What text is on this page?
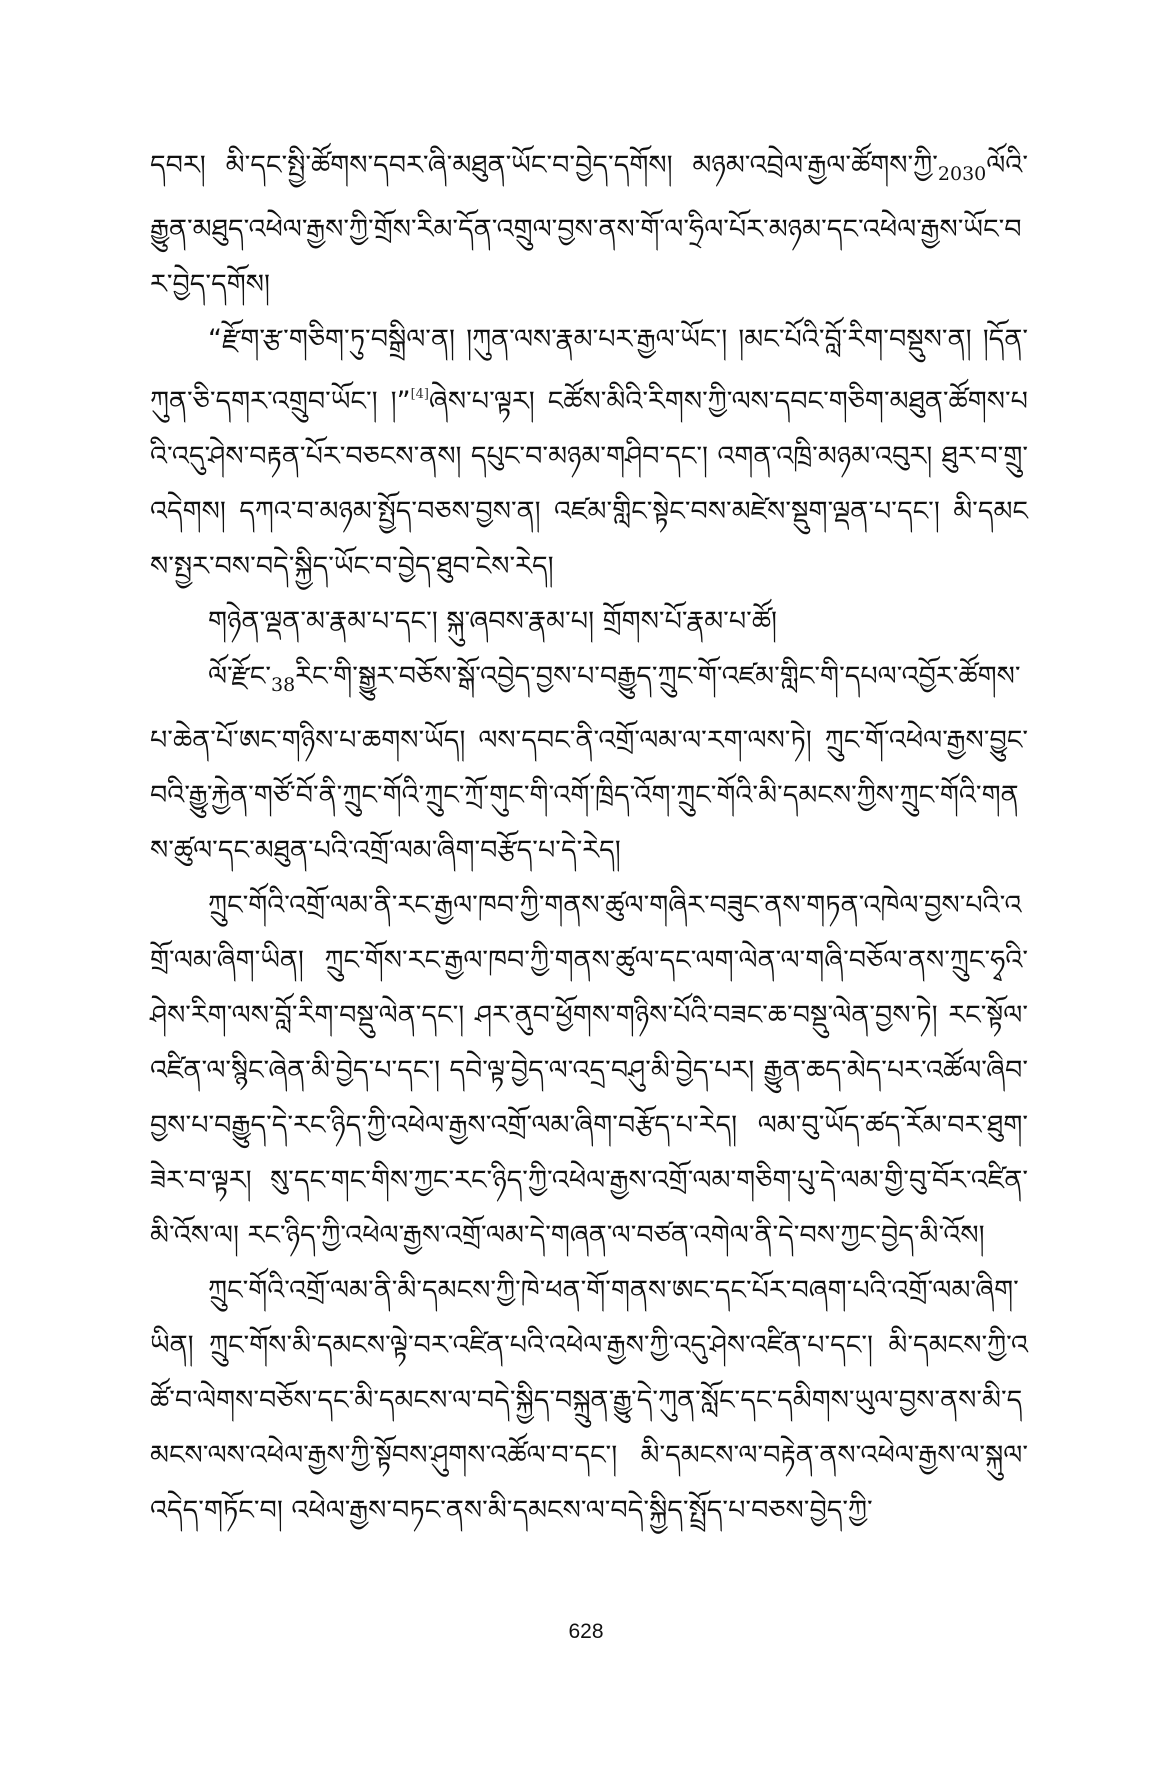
དབར། མི་དང་སྤྱི་ཚོགས་དབར་ཞི་མཐུན་ཡོང་བ་བྱེད་དགོས། $མཉམ་འབྲེལ་རྒྱལ་ཚོགས་ཀྱི་_{2030}ལོའི་རྒྱུན་མཐུད་འཕེལ་རྒྱས་ཀྱི་གྲོས་རིམ་དོན་འགྲུལ་བྱས་ནས་གོ་ལ་ཧྲིལ་པོར་མཉམ་དང་འཕེལ་རྒྱས་ཡོང་བར་བ$ྱེད་དགོས།

“རྫོག་རྩ་གཅིག་ཏུ་བསྒྲིལ་ན། །ཀུན་ལས་རྣམ་པར་རྒྱལ་ཡོང་། །མང་པོའི་བློ་རིག་བསྡུས་ན། །དོན་ཀུན་ཅི་དགར་འགྲུབ་ཡོང་། །”[4]ཞེས་པ་ལྟར། ངཚོས་མིའི་རིགས་ཀྱི་ལས་དབང་གཅིག་མཐུན་ཚོགས་པའི་འདུ་ཤེས་བརྟན་པོར་བཅངས་ནས། དཔུང་བ་མཉམ་གཤིབ་དང་། འགན་འཁྲི་མཉམ་འབུར། ཐུར་བ་གྲུ་འདེགས། དཀའ་བ་མཉམ་སྤྱོད་བཅས་བྱས་ན། འཛམ་གླིང་སྟེང་བས་མཛེས་སྡུག་ལྡན་པ་དང་། མི་དམངས་སྤྱར་བས་བདེ་སྐྱིད་ཡོང་བ་བྱེད་ཐུབ་ངེས་རེད།

གཉེན་ལྡན་མ་རྣམ་པ་དང་། སྐུ་ཞབས་རྣམ་པ། གྲོགས་པོ་རྣམ་པ་ཚོ།

$ལོ་རྫོང་_{38}རིང་གི་སྒྱུར་བཅོས་སྒོ་འབྱེད་བྱས་པ་བརྒྱུད་ཀྲུང་གོ་འཛམ་གླིང་གི་དཔལ་འབྱོར་ཚོགས་པ་ཆེན་པོ་ཨང་གཉིས་པ་ཆགས་ཡོད།$ ལས་དབང་ནི་འགྲོ་ལམ་ལ་རག་ལས་ཏེ། ཀྲུང་གོ་འཕེལ་རྒྱས་བྱུང་བའི་རྒྱུ་རྐྱེན་གཙོ་བོ་ནི་ཀྲུང་གོའི་ཀྲུང་ཀྲོ་གུང་གི་འགོ་ཁྲིད་འོག་ཀྲུང་གོའི་མི་དམངས་ཀྱིས་ཀྲུང་གོའི་གནས་ཚུལ་དང་མཐུན་པའི་འགྲོ་ལམ་ཞིག་བརྩོད་པ་དེ་རེད།

ཀྲུང་གོའི་འགྲོ་ལམ་ནི་རང་རྒྱལ་ཁབ་ཀྱི་གནས་ཚུལ་གཞིར་བཟུང་ནས་གཏན་འཁེལ་བྱས་པའི་འགྲོ་ལམ་ཞིག་ཡིན། ཀྲུང་གོས་རང་རྒྱལ་ཁབ་ཀྱི་གནས་ཚུལ་དང་ལག་ལེན་ལ་གཞི་བཅོལ་ནས་ཀྲུང་ཧྭའི་ཤེས་རིག་ལས་བློ་རིག་བསྡུ་ལེན་དང་། ཤར་ནུབ་ཕྱོགས་གཉིས་པོའི་བཟང་ཆ་བསྡུ་ལེན་བྱས་ཏེ། རང་སྟོལ་འཛིན་ལ་སྙིང་ཞེན་མི་བྱེད་པ་དང་། དབེ་ལྟ་བྱེད་ལ་འདྲ་བཤུ་མི་བྱེད་པར། རྒྱུན་ཆད་མེད་པར་འཚོལ་ཞིབ་བྱས་པ་བརྒྱུད་དེ་རང་ཉིད་ཀྱི་འཕེལ་རྒྱས་འགྲོ་ལམ་ཞིག་བརྩོད་པ་རེད། ལམ་བུ་ཡོད་ཚད་རོམ་བར་ཐུག་ཟེར་བ་ལྟར། སུ་དང་གང་གིས་ཀྱང་རང་ཉིད་ཀྱི་འཕེལ་རྒྱས་འགྲོ་ལམ་གཅིག་པུ་དེ་ལམ་གྱི་བུ་བོར་འཛིན་མི་འོས་ལ། རང་ཉིད་ཀྱི་འཕེལ་རྒྱས་འགྲོ་ལམ་དེ་གཞན་ལ་བཙན་འགེལ་ནི་དེ་བས་ཀྱང་བྱེད་མི་འོས།

ཀྲུང་གོའི་འགྲོ་ལམ་ནི་མི་དམངས་ཀྱི་ཁེ་ཕན་གོ་གནས་ཨང་དང་པོར་བཞག་པའི་འགྲོ་ལམ་ཞིག་ཡིན། ཀྲུང་གོས་མི་དམངས་ལྟེ་བར་འཛིན་པའི་འཕེལ་རྒྱས་ཀྱི་འདུ་ཤེས་འཛིན་པ་དང་། མི་དམངས་ཀྱི་འཚོ་བ་ལེགས་བཅོས་དང་མི་དམངས་ལ་བདེ་སྐྱིད་བསྐྲུན་རྒྱུ་དེ་ཀུན་སློང་དང་དམིགས་ཡུལ་བྱས་ནས་མི་དམངས་ལས་འཕེལ་རྒྱས་ཀྱི་སྟོབས་ཤུགས་འཚོལ་བ་དང་། མི་དམངས་ལ་བརྟེན་ནས་འཕེལ་རྒྱས་ལ་སྐུལ་འདེད་གཏོང་བ། འཕེལ་རྒྱས་བཏང་ནས་མི་དམངས་ལ་བདེ་སྐྱིད་སྤྲོད་པ་བཅས་བྱེད་ཀྱི་

628
